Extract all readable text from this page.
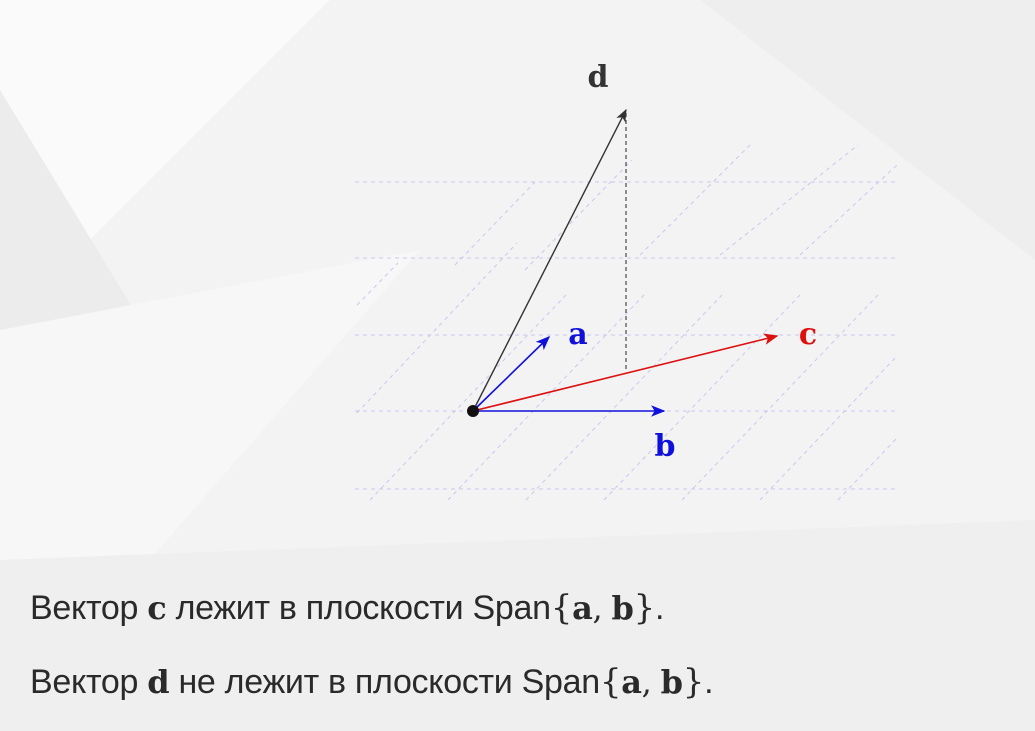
d
a	c
b
Вектор c лежит в плоскости Span{a, b}.
Вектор d не лежит в плоскости Span{a, b}.
